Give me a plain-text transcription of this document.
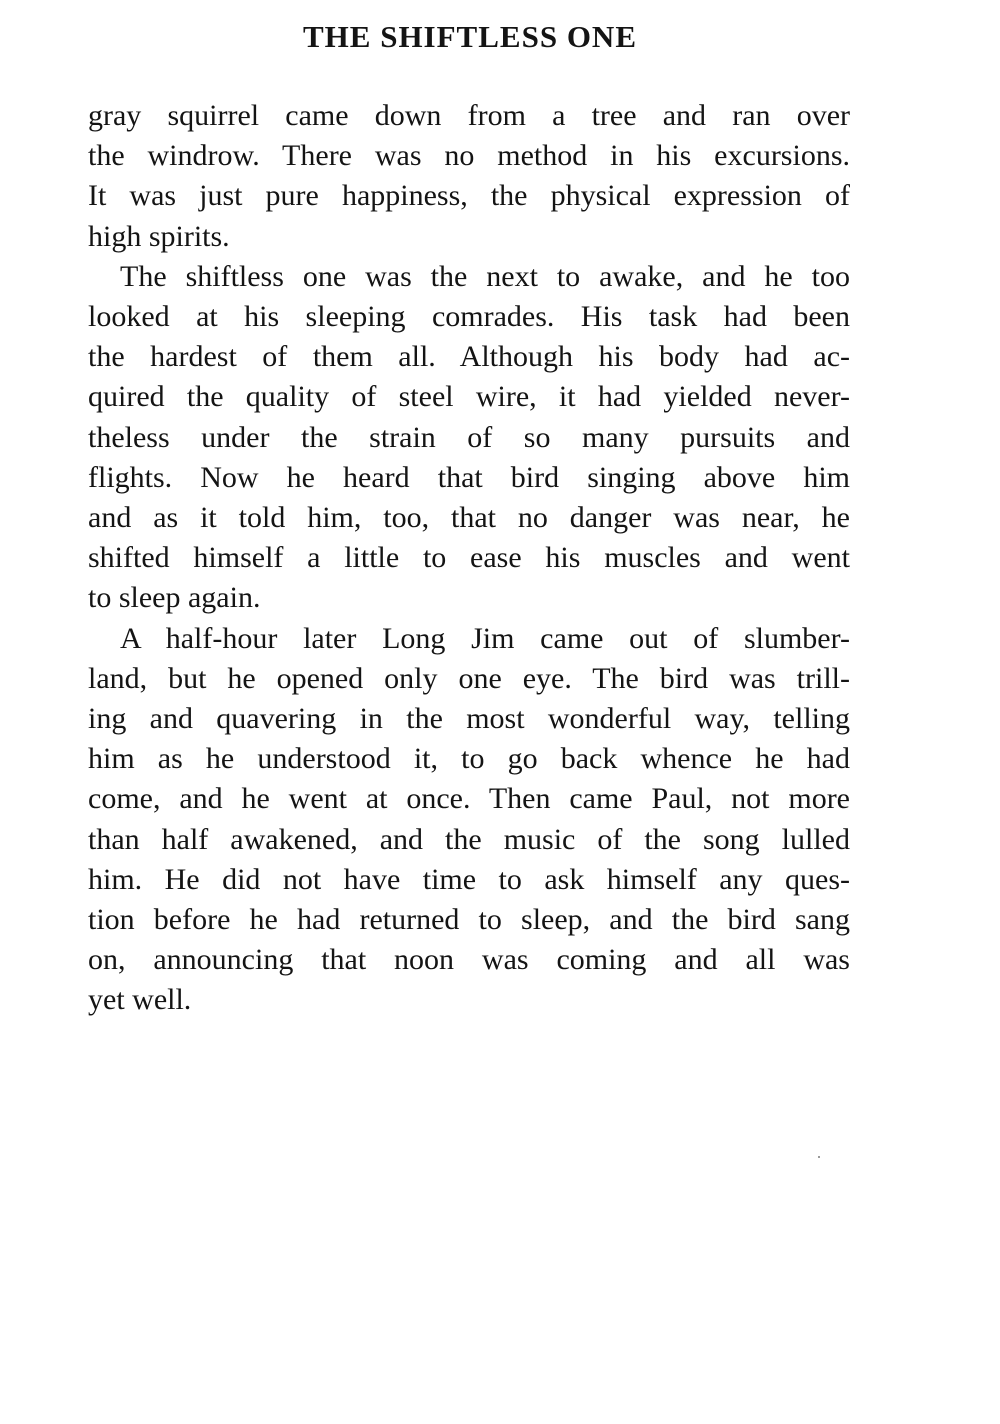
THE SHIFTLESS ONE
gray squirrel came down from a tree and ran over
the windrow. There was no method in his excursions.
It was just pure happiness, the physical expression of
high spirits.
The shiftless one was the next to awake, and he too
looked at his sleeping comrades. His task had been
the hardest of them all. Although his body had ac-
quired the quality of steel wire, it had yielded never-
theless under the strain of so many pursuits and
flights. Now he heard that bird singing above him
and as it told him, too, that no danger was near, he
shifted himself a little to ease his muscles and went
to sleep again.
A half-hour later Long Jim came out of slumber-
land, but he opened only one eye. The bird was trill-
ing and quavering in the most wonderful way, telling
him as he understood it, to go back whence he had
come, and he went at once. Then came Paul, not more
than half awakened, and the music of the song lulled
him. He did not have time to ask himself any ques-
tion before he had returned to sleep, and the bird sang
on, announcing that noon was coming and all was
yet well.
